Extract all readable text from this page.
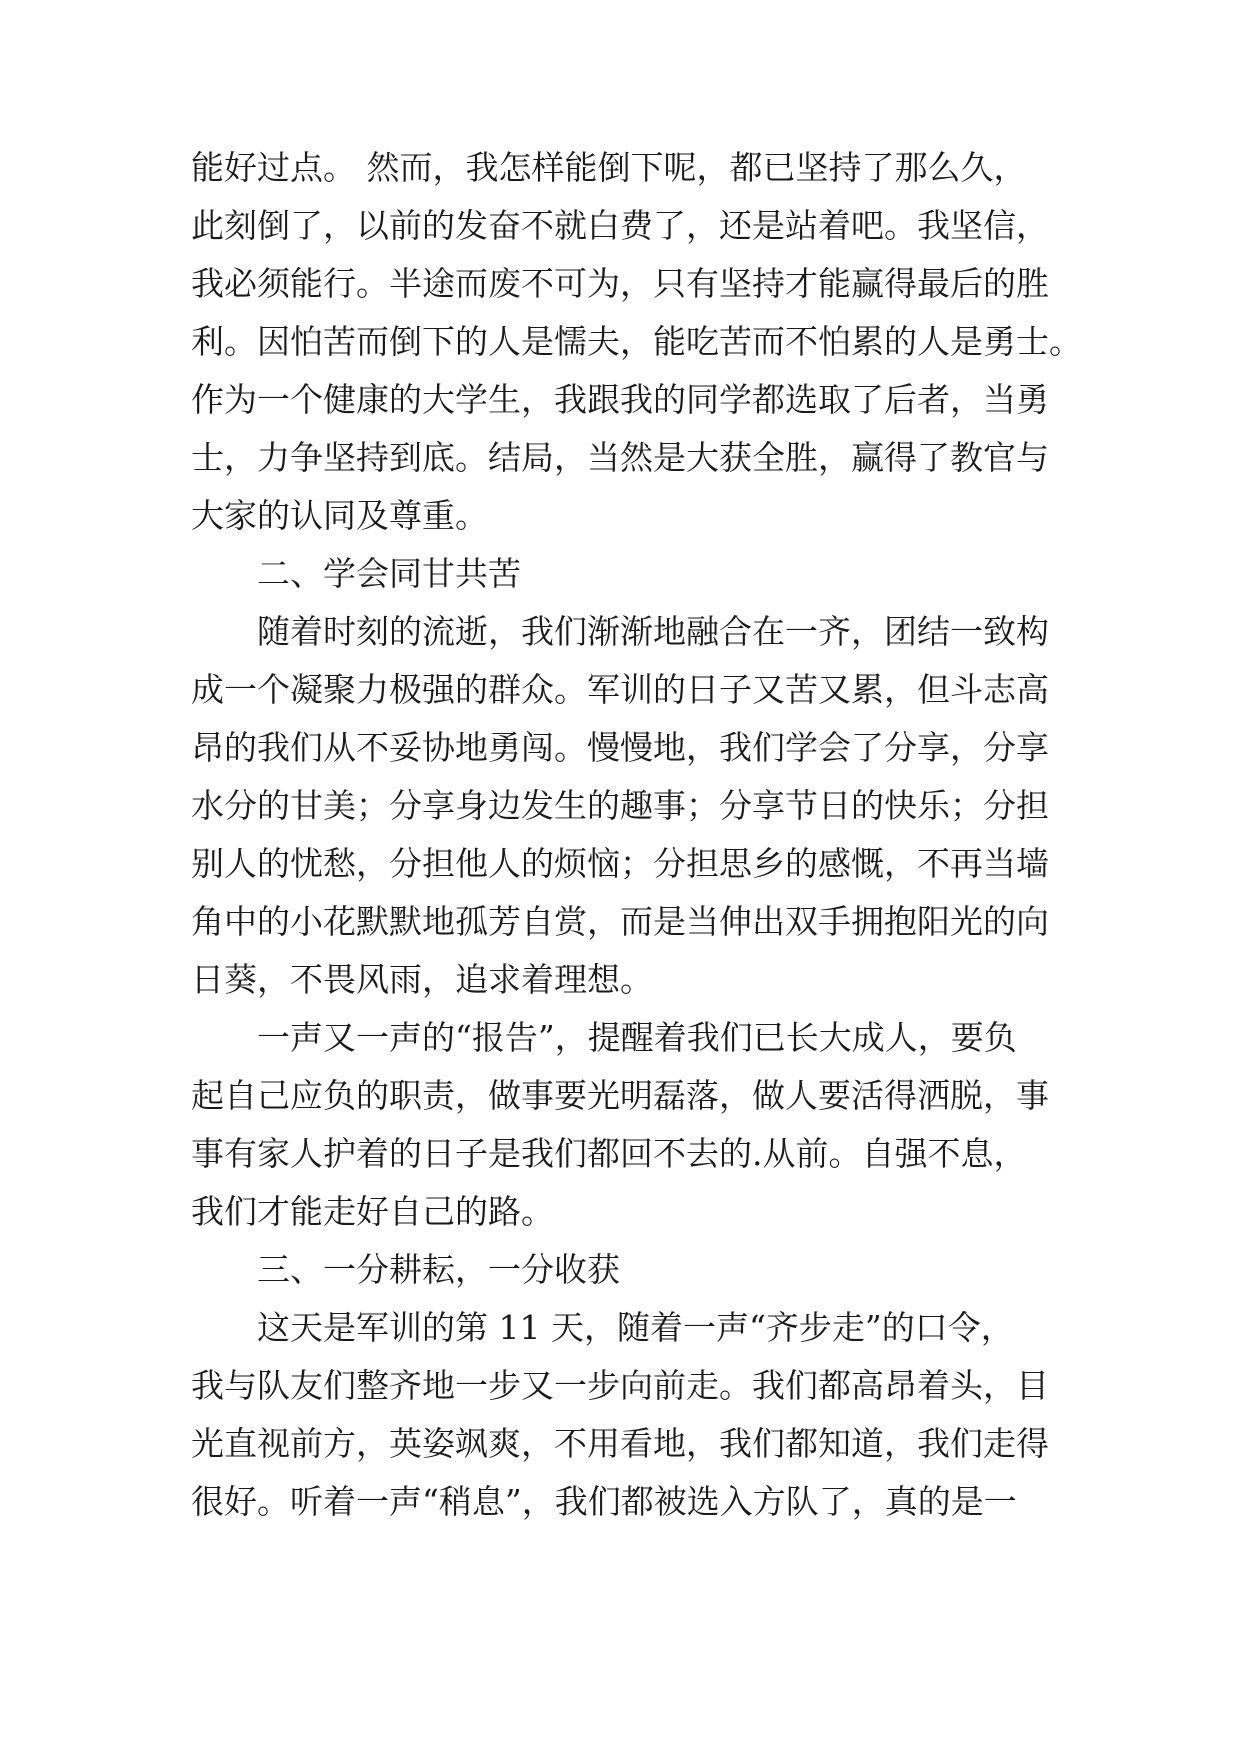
能好过点。 然而，我怎样能倒下呢，都已坚持了那么久，
此刻倒了，以前的发奋不就白费了，还是站着吧。我坚信，
我必须能行。半途而废不可为，只有坚持才能赢得最后的胜
利。因怕苦而倒下的人是懦夫，能吃苦而不怕累的人是勇士。
作为一个健康的大学生，我跟我的同学都选取了后者，当勇
士，力争坚持到底。结局，当然是大获全胜，赢得了教官与
大家的认同及尊重。
二、学会同甘共苦
随着时刻的流逝，我们渐渐地融合在一齐，团结一致构
成一个凝聚力极强的群众。军训的日子又苦又累，但斗志高
昂的我们从不妥协地勇闯。慢慢地，我们学会了分享，分享
水分的甘美；分享身边发生的趣事；分享节日的快乐；分担
别人的忧愁，分担他人的烦恼；分担思乡的感慨，不再当墙
角中的小花默默地孤芳自赏，而是当伸出双手拥抱阳光的向
日葵，不畏风雨，追求着理想。
一声又一声的“报告”，提醒着我们已长大成人，要负
起自己应负的职责，做事要光明磊落，做人要活得洒脱，事
事有家人护着的日子是我们都回不去的.从前。自强不息，
我们才能走好自己的路。
三、一分耕耘，一分收获
这天是军训的第 11 天，随着一声“齐步走”的口令，
我与队友们整齐地一步又一步向前走。我们都高昂着头，目
光直视前方，英姿飒爽，不用看地，我们都知道，我们走得
很好。听着一声“稍息”，我们都被选入方队了，真的是一
